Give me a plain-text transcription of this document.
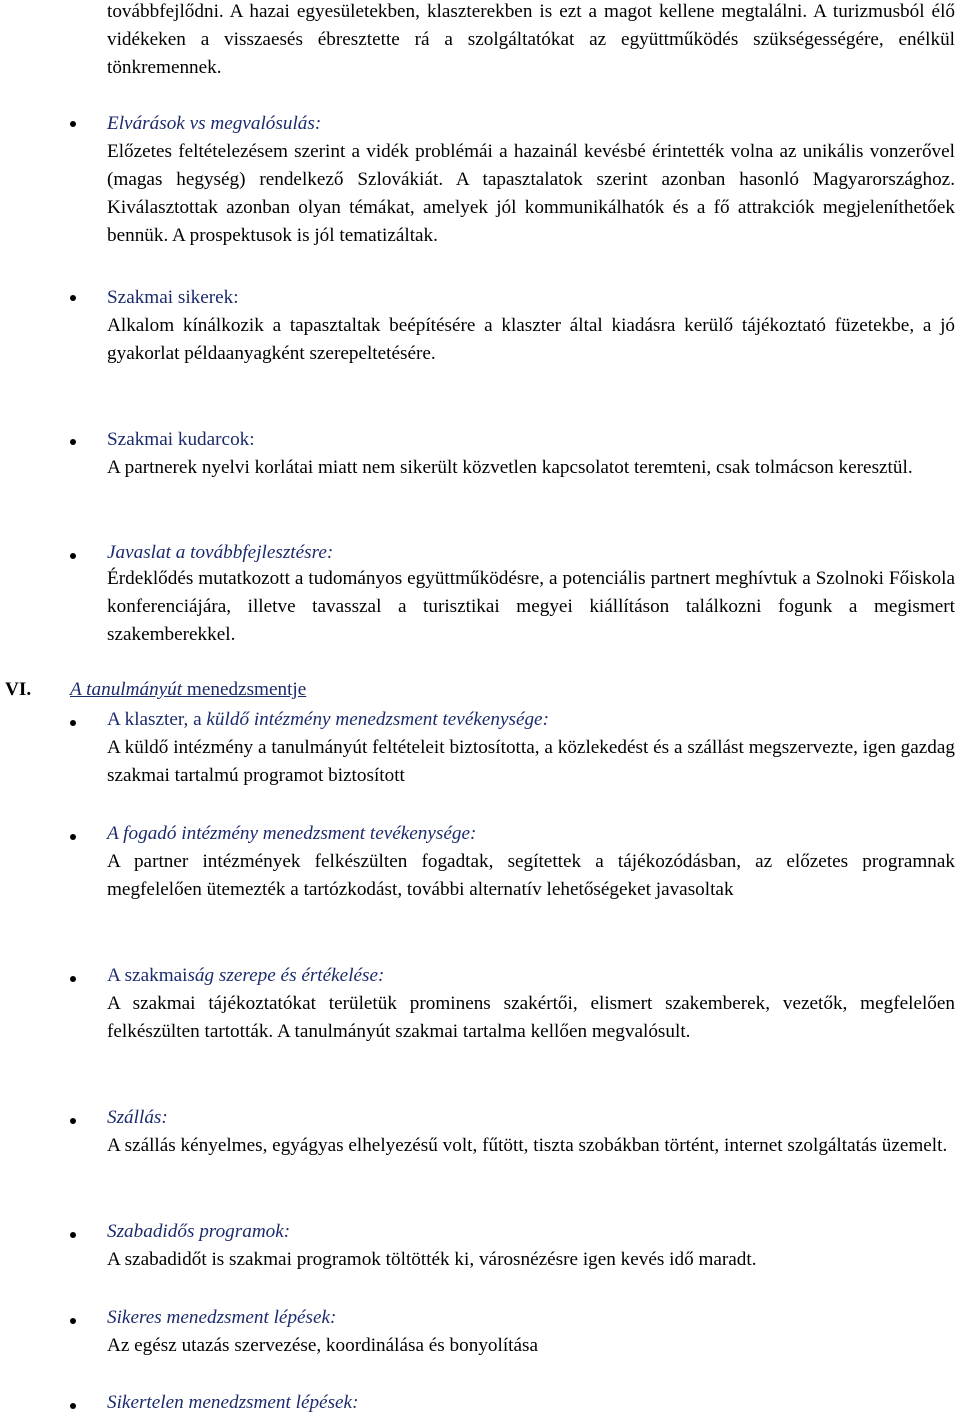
továbbfejlődni. A hazai egyesületekben, klaszterekben is ezt a magot kellene megtalálni. A turizmusból élő vidékeken a visszaesés ébresztette rá a szolgáltatókat az együttműködés szükségességére, enélkül tönkremennek.

Elvárások vs megvalósulás:

Előzetes feltételezésem szerint a vidék problémái a hazainál kevésbé érintették volna az unikális vonzerővel (magas hegység) rendelkező Szlovákiát. A tapasztalatok szerint azonban hasonló Magyarországhoz. Kiválasztottak azonban olyan témákat, amelyek jól kommunikálhatók és a fő attrakciók megjeleníthetőek bennük. A prospektusok is jól tematizáltak.

Szakmai sikerek:

Alkalom kínálkozik a tapasztaltak beépítésére a klaszter által kiadásra kerülő tájékoztató füzetekbe, a jó gyakorlat példaanyagként szerepeltetésére.

Szakmai kudarcok:

A partnerek nyelvi korlátai miatt nem sikerült közvetlen kapcsolatot teremteni, csak tolmácson keresztül.

Javaslat a továbbfejlesztésre:

Érdeklődés mutatkozott a tudományos együttműködésre, a potenciális partnert meghívtuk a Szolnoki Főiskola konferenciájára, illetve tavasszal a turisztikai megyei kiállításon találkozni fogunk a megismert szakemberekkel.

VI. A tanulmányút menedzsmentje
A klaszter, a küldő intézmény menedzsment tevékenysége:

A küldő intézmény a tanulmányút feltételeit biztosította, a közlekedést és a szállást megszervezte, igen gazdag szakmai tartalmú programot biztosított

A fogadó intézmény menedzsment tevékenysége:

A partner intézmények felkészülten fogadtak, segítettek a tájékozódásban, az előzetes programnak megfelelően ütemezték a tartózkodást, további alternatív lehetőségeket javasoltak

A szakmaiság szerepe és értékelése:

A szakmai tájékoztatókat területük prominens szakértői, elismert szakemberek, vezetők, megfelelően felkészülten tartották. A tanulmányút szakmai tartalma kellően megvalósult.

Szállás:

A szállás kényelmes, egyágyas elhelyezésű volt, fűtött, tiszta szobákban történt, internet szolgáltatás üzemelt.

Szabadidős programok:

A szabadidőt is szakmai programok töltötték ki, városnézésre igen kevés idő maradt.

Sikeres menedzsment lépések:

Az egész utazás szervezése, koordinálása és bonyolítása

Sikertelen menedzsment lépések:
